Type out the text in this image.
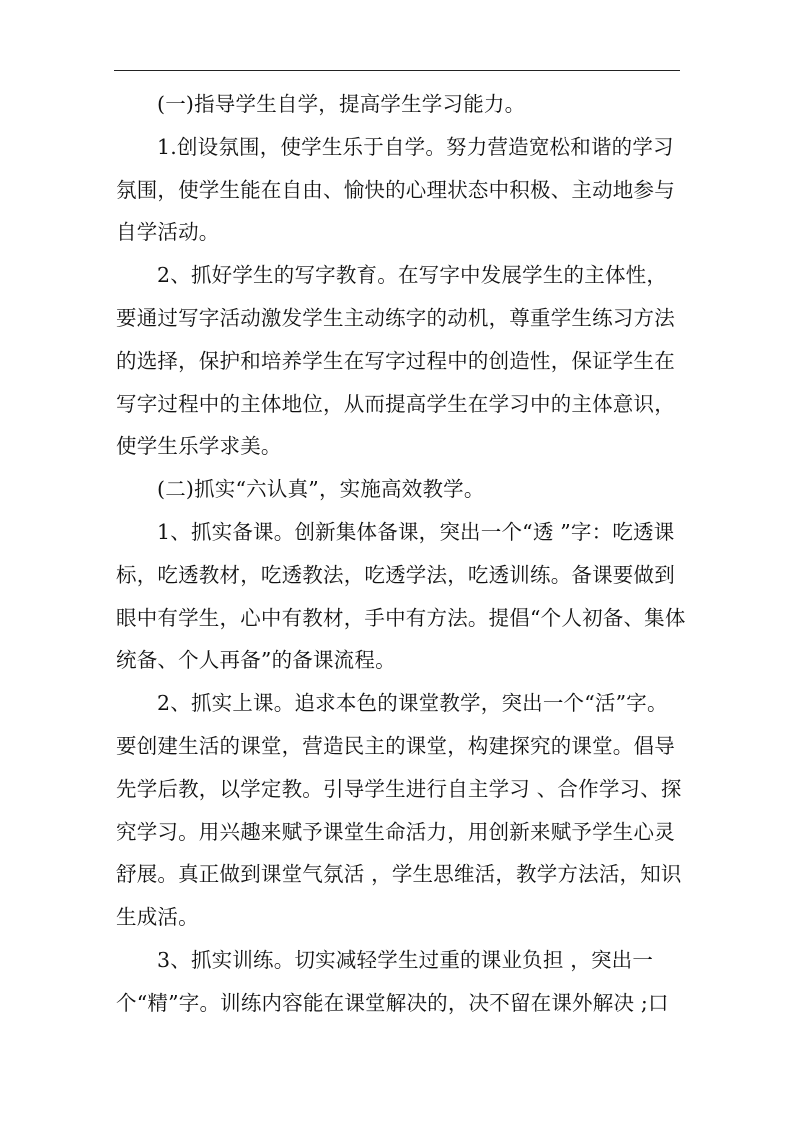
(一)指导学生自学，提高学生学习能力。

1.创设氛围，使学生乐于自学。努力营造宽松和谐的学习氛围，使学生能在自由、愉快的心理状态中积极、主动地参与自学活动。

2、抓好学生的写字教育。在写字中发展学生的主体性，要通过写字活动激发学生主动练字的动机，尊重学生练习方法的选择，保护和培养学生在写字过程中的创造性，保证学生在写字过程中的主体地位，从而提高学生在学习中的主体意识，使学生乐学求美。

(二)抓实“六认真”，实施高效教学。

1、抓实备课。创新集体备课，突出一个“透 ”字：吃透课标，吃透教材，吃透教法，吃透学法，吃透训练。备课要做到眼中有学生，心中有教材，手中有方法。提倡“个人初备、集体统备、个人再备”的备课流程。

2、抓实上课。追求本色的课堂教学，突出一个“活”字。要创建生活的课堂，营造民主的课堂，构建探究的课堂。倡导先学后教，以学定教。引导学生进行自主学习 、合作学习、探究学习。用兴趣来赋予课堂生命活力，用创新来赋予学生心灵舒展。真正做到课堂气氛活 ，学生思维活，教学方法活，知识生成活。

3、抓实训练。切实减轻学生过重的课业负担 ，突出一个“精”字。训练内容能在课堂解决的，决不留在课外解决 ;口
